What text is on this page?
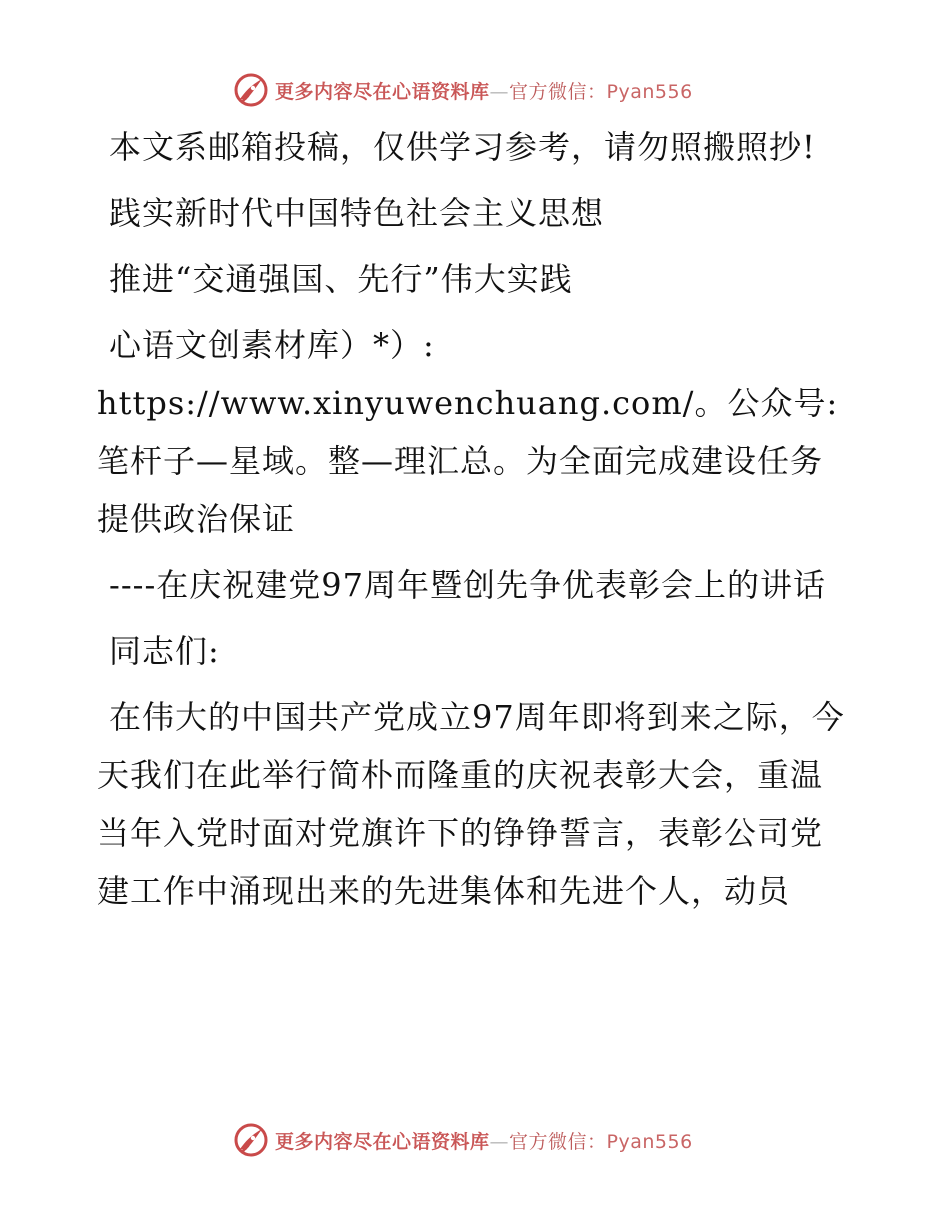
更多内容尽在心语资料库—官方微信：Pyan556

本文系邮箱投稿，仅供学习参考，请勿照搬照抄!

践实新时代中国特色社会主义思想

推进“交通强国、先行”伟大实践

心语文创素材库）*）: https://www.xinyuwenchuang.com/。公众号: 笔杆子—星域。整—理汇总。为全面完成建设任务提供政治保证

----在庆祝建党97周年暨创先争优表彰会上的讲话

同志们:

在伟大的中国共产党成立97周年即将到来之际，今天我们在此举行简朴而隆重的庆祝表彰大会，重温当年入党时面对党旗许下的铮铮誓言，表彰公司党建工作中涌现出来的先进集体和先进个人，动员

更多内容尽在心语资料库—官方微信：Pyan556
